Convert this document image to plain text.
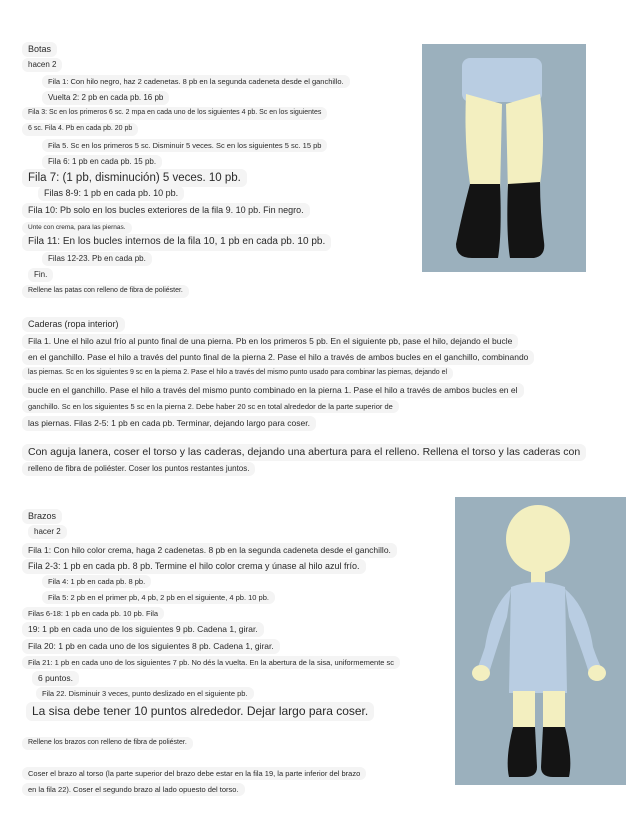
Botas
hacen 2
Fila 1: Con hilo negro, haz 2 cadenetas. 8 pb en la segunda cadeneta desde el ganchillo.
Vuelta 2: 2 pb en cada pb. 16 pb
Fila 3: Sc en los primeros 6 sc. 2 mpa en cada uno de los siguientes 4 pb. Sc en los siguientes
6 sc. Fila 4. Pb en cada pb. 20 pb
Fila 5. Sc en los primeros 5 sc. Disminuir 5 veces. Sc en los siguientes 5 sc. 15 pb
Fila 6: 1 pb en cada pb. 15 pb.
Fila 7: (1 pb, disminución) 5 veces. 10 pb.
Filas 8-9: 1 pb en cada pb. 10 pb.
Fila 10: Pb solo en los bucles exteriores de la fila 9. 10 pb. Fin negro.
Unte con crema, para las piernas.
Fila 11: En los bucles internos de la fila 10, 1 pb en cada pb. 10 pb.
Filas 12-23. Pb en cada pb.
Fin.
Rellene las patas con relleno de fibra de poliéster.
Caderas (ropa interior)
Fila 1. Une el hilo azul frío al punto final de una pierna. Pb en los primeros 5 pb. En el siguiente pb, pase el hilo, dejando el bucle
en el ganchillo. Pase el hilo a través del punto final de la pierna 2. Pase el hilo a través de ambos bucles en el ganchillo, combinando
las piernas. Sc en los siguientes 9 sc en la pierna 2. Pase el hilo a través del mismo punto usado para combinar las piernas, dejando el
bucle en el ganchillo. Pase el hilo a través del mismo punto combinado en la pierna 1. Pase el hilo a través de ambos bucles en el
ganchillo. Sc en los siguientes 5 sc en la pierna 2. Debe haber 20 sc en total alrededor de la parte superior de
las piernas. Filas 2-5: 1 pb en cada pb. Terminar, dejando largo para coser.
Con aguja lanera, coser el torso y las caderas, dejando una abertura para el relleno. Rellena el torso y las caderas con
relleno de fibra de poliéster. Coser los puntos restantes juntos.
Brazos
hacer 2
Fila 1: Con hilo color crema, haga 2 cadenetas. 8 pb en la segunda cadeneta desde el ganchillo.
Fila 2-3: 1 pb en cada pb. 8 pb. Termine el hilo color crema y únase al hilo azul frío.
Fila 4: 1 pb en cada pb. 8 pb.
Fila 5: 2 pb en el primer pb, 4 pb, 2 pb en el siguiente, 4 pb. 10 pb.
Filas 6-18: 1 pb en cada pb. 10 pb. Fila
19: 1 pb en cada uno de los siguientes 9 pb. Cadena 1, girar.
Fila 20: 1 pb en cada uno de los siguientes 8 pb. Cadena 1, girar.
Fila 21: 1 pb en cada uno de los siguientes 7 pb. No dés la vuelta. En la abertura de la sisa, uniformemente sc
6 puntos.
Fila 22. Disminuir 3 veces, punto deslizado en el siguiente pb.
La sisa debe tener 10 puntos alrededor. Dejar largo para coser.
Rellene los brazos con relleno de fibra de poliéster.
Coser el brazo al torso (la parte superior del brazo debe estar en la fila 19, la parte inferior del brazo
en la fila 22). Coser el segundo brazo al lado opuesto del torso.
